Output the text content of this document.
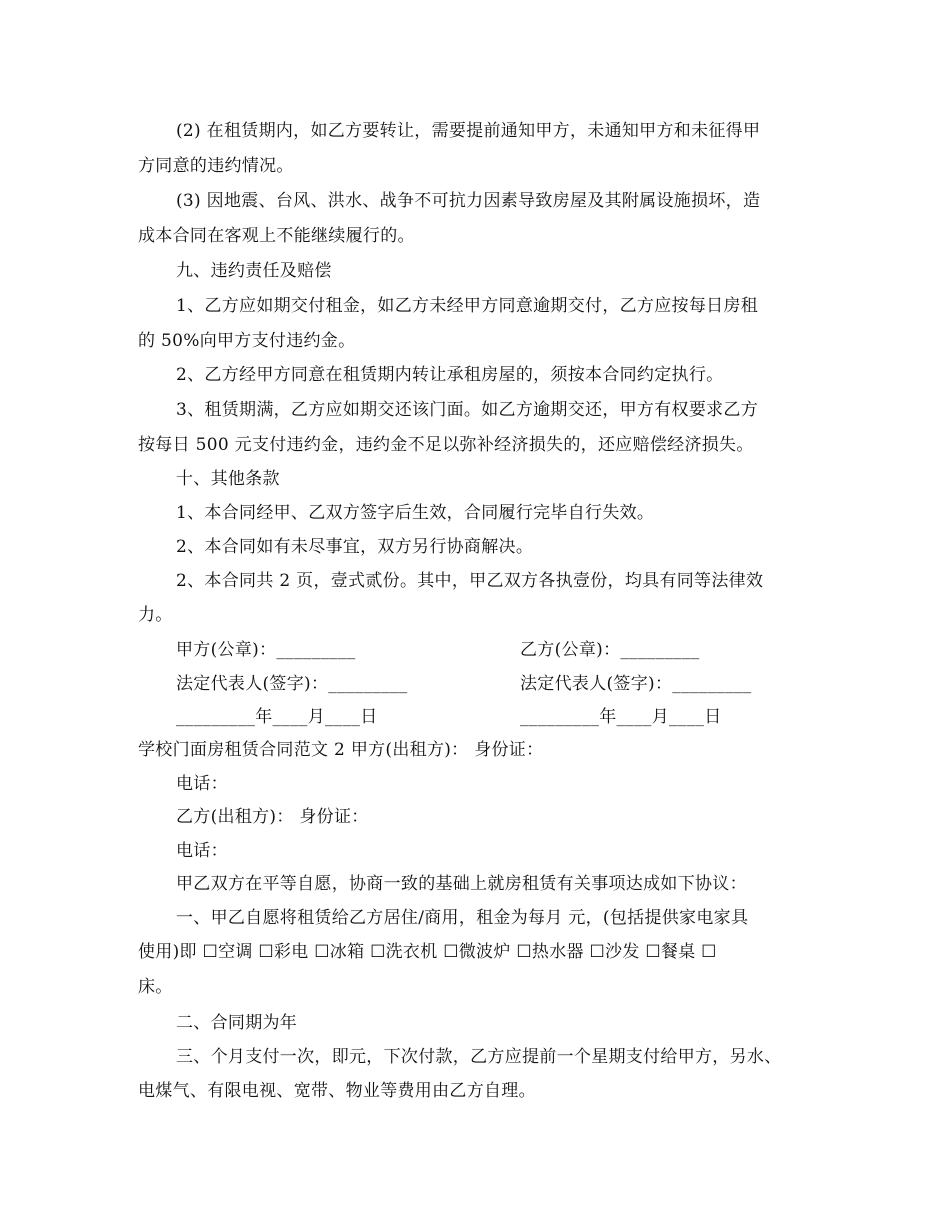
(2) 在租赁期内，如乙方要转让，需要提前通知甲方，未通知甲方和未征得甲
方同意的违约情况。
(3) 因地震、台风、洪水、战争不可抗力因素导致房屋及其附属设施损坏，造
成本合同在客观上不能继续履行的。
九、违约责任及赔偿
1、乙方应如期交付租金，如乙方未经甲方同意逾期交付，乙方应按每日房租
的 50%向甲方支付违约金。
2、乙方经甲方同意在租赁期内转让承租房屋的，须按本合同约定执行。
3、租赁期满，乙方应如期交还该门面。如乙方逾期交还，甲方有权要求乙方
按每日 500 元支付违约金，违约金不足以弥补经济损失的，还应赔偿经济损失。
十、其他条款
1、本合同经甲、乙双方签字后生效，合同履行完毕自行失效。
2、本合同如有未尽事宜，双方另行协商解决。
2、本合同共 2 页，壹式贰份。其中，甲乙双方各执壹份，均具有同等法律效
力。
甲方(公章)：_________	乙方(公章)：_________
法定代表人(签字)：_________	法定代表人(签字)：_________
_________年____月____日	_________年____月____日
学校门面房租赁合同范文 2 甲方(出租方)： 身份证：
电话：
乙方(出租方)： 身份证：
电话：
甲乙双方在平等自愿，协商一致的基础上就房租赁有关事项达成如下协议：
一、甲乙自愿将租赁给乙方居住/商用，租金为每月 元，(包括提供家电家具
使用)即 ☐空调 ☐彩电 ☐冰箱 ☐洗衣机 ☐微波炉 ☐热水器 ☐沙发 ☐餐桌 ☐
床。
二、合同期为年
三、个月支付一次，即元，下次付款，乙方应提前一个星期支付给甲方，另水、
电煤气、有限电视、宽带、物业等费用由乙方自理。
